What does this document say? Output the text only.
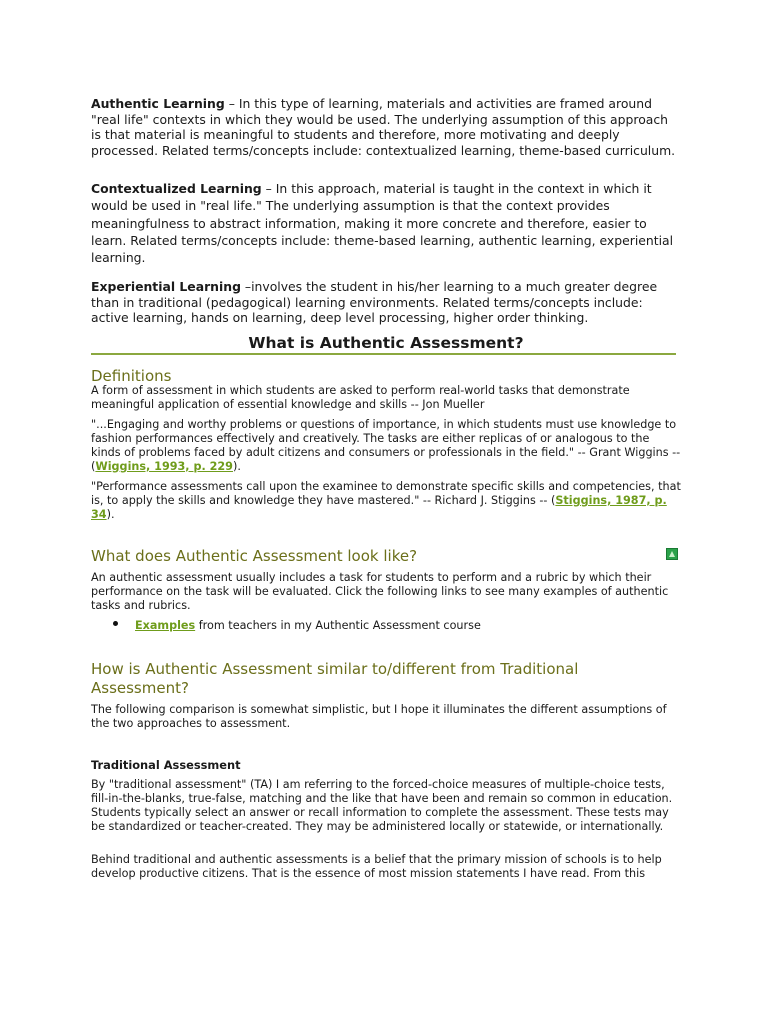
Authentic Learning – In this type of learning, materials and activities are framed around "real life" contexts in which they would be used. The underlying assumption of this approach is that material is meaningful to students and therefore, more motivating and deeply processed. Related terms/concepts include: contextualized learning, theme-based curriculum.

Contextualized Learning – In this approach, material is taught in the context in which it would be used in "real life." The underlying assumption is that the context provides meaningfulness to abstract information, making it more concrete and therefore, easier to learn. Related terms/concepts include: theme-based learning, authentic learning, experiential learning.

Experiential Learning –involves the student in his/her learning to a much greater degree than in traditional (pedagogical) learning environments. Related terms/concepts include: active learning, hands on learning, deep level processing, higher order thinking.

What is Authentic Assessment?
Definitions

A form of assessment in which students are asked to perform real-world tasks that demonstrate meaningful application of essential knowledge and skills -- Jon Mueller

"...Engaging and worthy problems or questions of importance, in which students must use knowledge to fashion performances effectively and creatively. The tasks are either replicas of or analogous to the kinds of problems faced by adult citizens and consumers or professionals in the field." -- Grant Wiggins -- (Wiggins, 1993, p. 229).

"Performance assessments call upon the examinee to demonstrate specific skills and competencies, that is, to apply the skills and knowledge they have mastered." -- Richard J. Stiggins -- (Stiggins, 1987, p. 34).

What does Authentic Assessment look like?

An authentic assessment usually includes a task for students to perform and a rubric by which their performance on the task will be evaluated. Click the following links to see many examples of authentic tasks and rubrics.

Examples from teachers in my Authentic Assessment course

How is Authentic Assessment similar to/different from Traditional Assessment?

The following comparison is somewhat simplistic, but I hope it illuminates the different assumptions of the two approaches to assessment.

Traditional Assessment

By "traditional assessment" (TA) I am referring to the forced-choice measures of multiple-choice tests, fill-in-the-blanks, true-false, matching and the like that have been and remain so common in education. Students typically select an answer or recall information to complete the assessment. These tests may be standardized or teacher-created. They may be administered locally or statewide, or internationally.

Behind traditional and authentic assessments is a belief that the primary mission of schools is to help develop productive citizens. That is the essence of most mission statements I have read. From this
